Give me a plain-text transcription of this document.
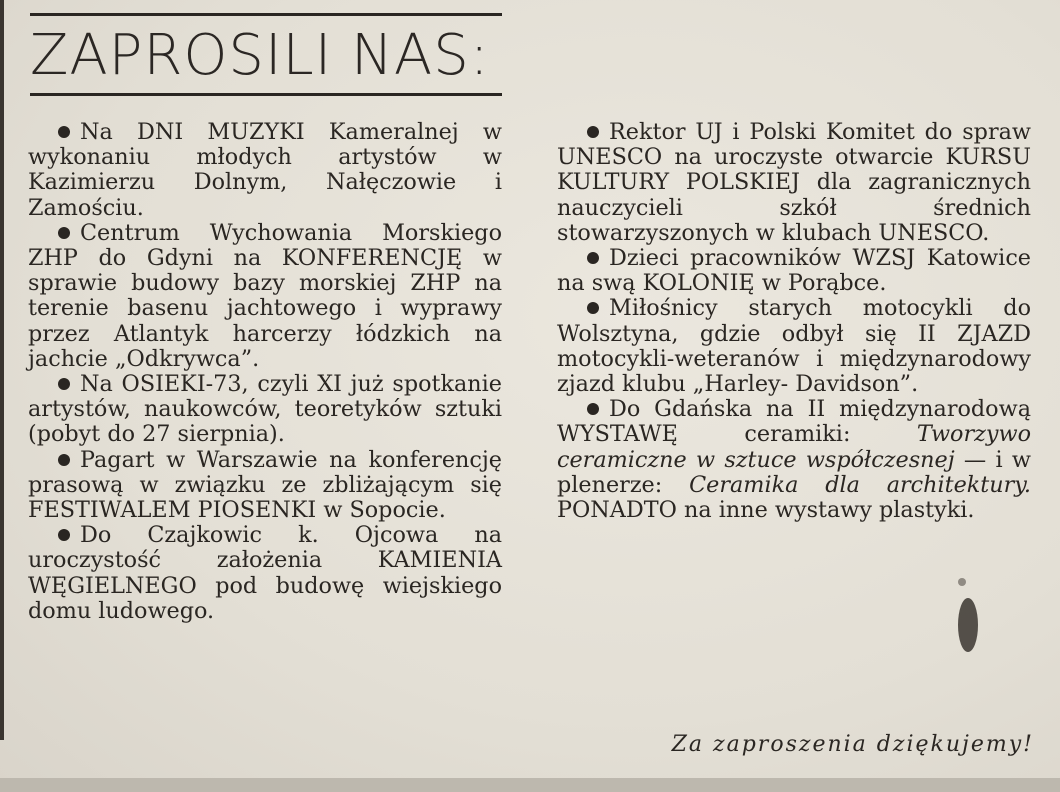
ZAPROSILI NAS:

Na DNI MUZYKI Kameralnej w wykonaniu młodych artystów w Kazimierzu Dolnym, Nałęczowie i Zamościu.

Centrum Wychowania Morskiego ZHP do Gdyni na KONFERENCJĘ w sprawie budowy bazy morskiej ZHP na terenie basenu jachtowego i wyprawy przez Atlantyk harcerzy łódzkich na jachcie „Odkrywca”.

Na OSIEKI-73, czyli XI już spotkanie artystów, naukowców, teoretyków sztuki (pobyt do 27 sierpnia).

Pagart w Warszawie na konferencję prasową w związku ze zbliżającym się FESTIWALEM PIOSENKI w Sopocie.

Do Czajkowic k. Ojcowa na uroczystość założenia KAMIENIA WĘGIELNEGO pod budowę wiejskiego domu ludowego.

Rektor UJ i Polski Komitet do spraw UNESCO na uroczyste otwarcie KURSU KULTURY POLSKIEJ dla zagranicznych nauczycieli szkół średnich stowarzyszonych w klubach UNESCO.

Dzieci pracowników WZSJ Katowice na swą KOLONIĘ w Porąbce.

Miłośnicy starych motocykli do Wolsztyna, gdzie odbył się II ZJAZD motocykli-weteranów i międzynarodowy zjazd klubu „Harley- Davidson”.

Do Gdańska na II międzynarodową WYSTAWĘ ceramiki: Tworzywo ceramiczne w sztuce współczesnej — i w plenerze: Ceramika dla architektury. PONADTO na inne wystawy plastyki.

Za zaproszenia dziękujemy!
